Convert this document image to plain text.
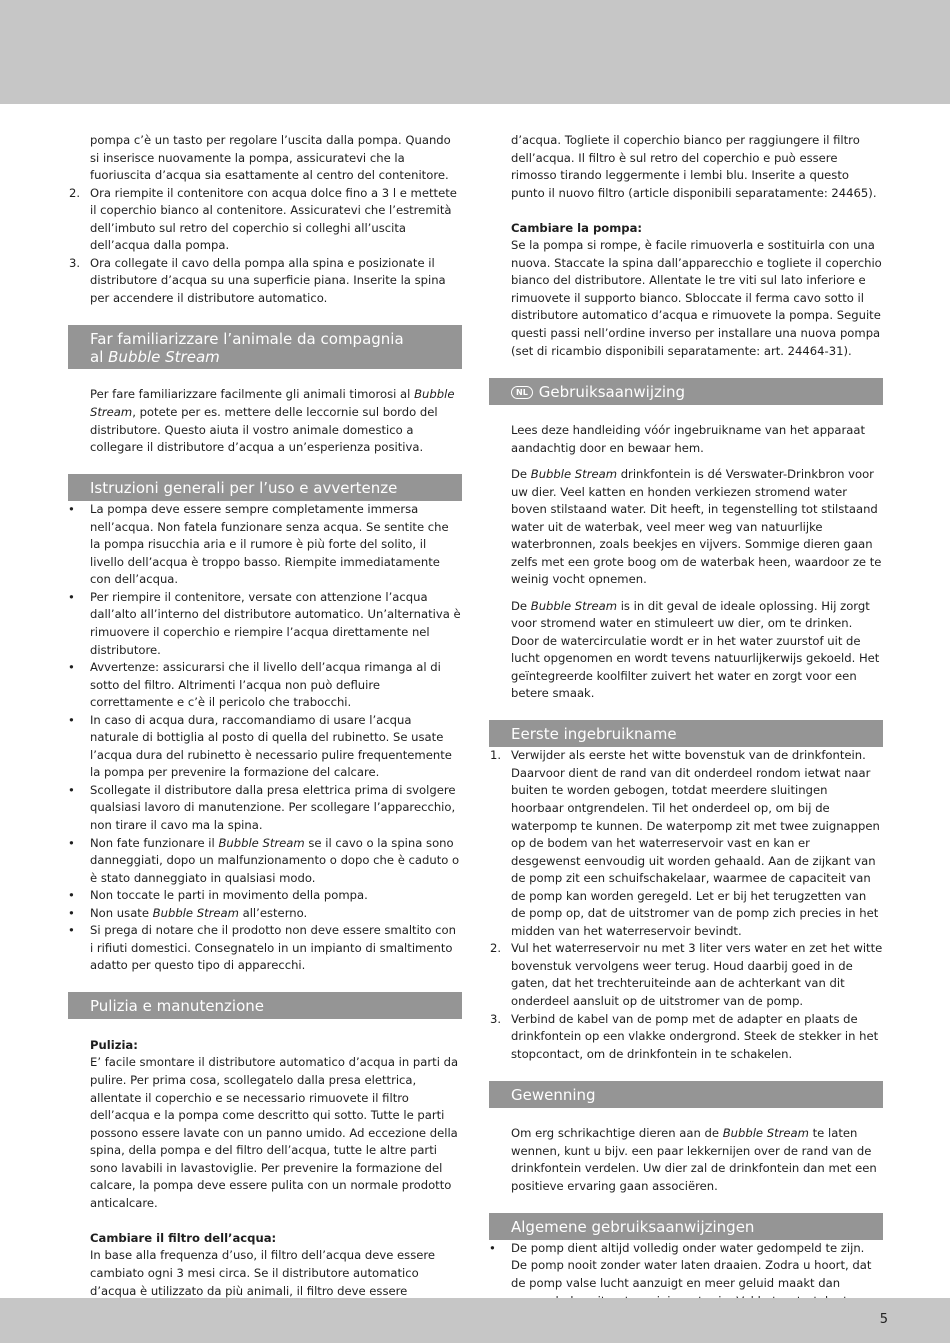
pompa c’è un tasto per regolare l’uscita dalla pompa. Quando si inserisce nuovamente la pompa, assicuratevi che la fuoriuscita d’acqua sia esattamente al centro del contenitore.

2. Ora riempite il contenitore con acqua dolce fino a 3 l e mettete il coperchio bianco al contenitore. Assicuratevi che l’estremità dell’imbuto sul retro del coperchio si colleghi all’uscita dell’acqua dalla pompa.
3. Ora collegate il cavo della pompa alla spina e posizionate il distributore d’acqua su una superficie piana. Inserite la spina per accendere il distributore automatico.
Far familiarizzare l’animale da compagnia
al Bubble Stream

Per fare familiarizzare facilmente gli animali timorosi al Bubble Stream, potete per es. mettere delle leccornie sul bordo del distributore. Questo aiuta il vostro animale domestico a collegare il distributore d’acqua a un’esperienza positiva.

Istruzioni generali per l’uso e avvertenze
• La pompa deve essere sempre completamente immersa nell’acqua. Non fatela funzionare senza acqua. Se sentite che la pompa risucchia aria e il rumore è più forte del solito, il livello dell’acqua è troppo basso. Riempite immediatamente con dell’acqua.
• Per riempire il contenitore, versate con attenzione l’acqua dall’alto all’interno del distributore automatico. Un’alternativa è rimuovere il coperchio e riempire l’acqua direttamente nel distributore.
• Avvertenze: assicurarsi che il livello dell’acqua rimanga al di sotto del filtro. Altrimenti l’acqua non può defluire correttamente e c’è il pericolo che trabocchi.
• In caso di acqua dura, raccomandiamo di usare l’acqua naturale di bottiglia al posto di quella del rubinetto. Se usate l’acqua dura del rubinetto è necessario pulire frequentemente la pompa per prevenire la formazione del calcare.
• Scollegate il distributore dalla presa elettrica prima di svolgere qualsiasi lavoro di manutenzione. Per scollegare l’apparecchio, non tirare il cavo ma la spina.
• Non fate funzionare il Bubble Stream se il cavo o la spina sono danneggiati, dopo un malfunzionamento o dopo che è caduto o è stato danneggiato in qualsiasi modo.
• Non toccate le parti in movimento della pompa.
• Non usate Bubble Stream all’esterno.
• Si prega di notare che il prodotto non deve essere smaltito con i rifiuti domestici. Consegnatelo in un impianto di smaltimento adatto per questo tipo di apparecchi.
Pulizia e manutenzione

Pulizia:

E’ facile smontare il distributore automatico d’acqua in parti da pulire. Per prima cosa, scollegatelo dalla presa elettrica, allentate il coperchio e se necessario rimuovete il filtro dell’acqua e la pompa come descritto qui sotto. Tutte le parti possono essere lavate con un panno umido. Ad eccezione della spina, della pompa e del filtro dell’acqua, tutte le altre parti sono lavabili in lavastoviglie. Per prevenire la formazione del calcare, la pompa deve essere pulita con un normale prodotto anticalcare.

Cambiare il filtro dell’acqua:

In base alla frequenza d’uso, il filtro dell’acqua deve essere cambiato ogni 3 mesi circa. Se il distributore automatico d’acqua è utilizzato da più animali, il filtro deve essere

d’acqua. Togliete il coperchio bianco per raggiungere il filtro dell’acqua. Il filtro è sul retro del coperchio e può essere rimosso tirando leggermente i lembi blu. Inserite a questo punto il nuovo filtro (article disponibili separatamente: 24465).

Cambiare la pompa:

Se la pompa si rompe, è facile rimuoverla e sostituirla con una nuova. Staccate la spina dall’apparecchio e togliete il coperchio bianco del distributore. Allentate le tre viti sul lato inferiore e rimuovete il supporto bianco. Sbloccate il ferma cavo sotto il distributore automatico d’acqua e rimuovete la pompa. Seguite questi passi nell’ordine inverso per installare una nuova pompa (set di ricambio disponibili separatamente: art. 24464-31).

NL Gebruiksaanwijzing

Lees deze handleiding vóór ingebruikname van het apparaat aandachtig door en bewaar hem.

De Bubble Stream drinkfontein is dé Verswater-Drinkbron voor uw dier. Veel katten en honden verkiezen stromend water boven stilstaand water. Dit heeft, in tegenstelling tot stilstaand water uit de waterbak, veel meer weg van natuurlijke waterbronnen, zoals beekjes en vijvers. Sommige dieren gaan zelfs met een grote boog om de waterbak heen, waardoor ze te weinig vocht opnemen.

De Bubble Stream is in dit geval de ideale oplossing. Hij zorgt voor stromend water en stimuleert uw dier, om te drinken. Door de watercirculatie wordt er in het water zuurstof uit de lucht opgenomen en wordt tevens natuurlijkerwijs gekoeld. Het geïntegreerde koolfilter zuivert het water en zorgt voor een betere smaak.

Eerste ingebruikname
1. Verwijder als eerste het witte bovenstuk van de drinkfontein. Daarvoor dient de rand van dit onderdeel rondom ietwat naar buiten te worden gebogen, totdat meerdere sluitingen hoorbaar ontgrendelen. Til het onderdeel op, om bij de waterpomp te kunnen. De waterpomp zit met twee zuignappen op de bodem van het waterreservoir vast en kan er desgewenst eenvoudig uit worden gehaald. Aan de zijkant van de pomp zit een schuifschakelaar, waarmee de capaciteit van de pomp kan worden geregeld. Let er bij het terugzetten van de pomp op, dat de uitstromer van de pomp zich precies in het midden van het waterreservoir bevindt.
2. Vul het waterreservoir nu met 3 liter vers water en zet het witte bovenstuk vervolgens weer terug. Houd daarbij goed in de gaten, dat het trechteruiteinde aan de achterkant van dit onderdeel aansluit op de uitstromer van de pomp.
3. Verbind de kabel van de pomp met de adapter en plaats de drinkfontein op een vlakke ondergrond. Steek de stekker in het stopcontact, om de drinkfontein in te schakelen.
Gewenning

Om erg schrikachtige dieren aan de Bubble Stream te laten wennen, kunt u bijv. een paar lekkernijen over de rand van de drinkfontein verdelen. Uw dier zal de drinkfontein dan met een positieve ervaring gaan associëren.

Algemene gebruiksaanwijzingen
• De pomp dient altijd volledig onder water gedompeld te zijn. De pomp nooit zonder water laten draaien. Zodra u hoort, dat de pomp valse lucht aanzuigt en meer geluid maakt dan
5
